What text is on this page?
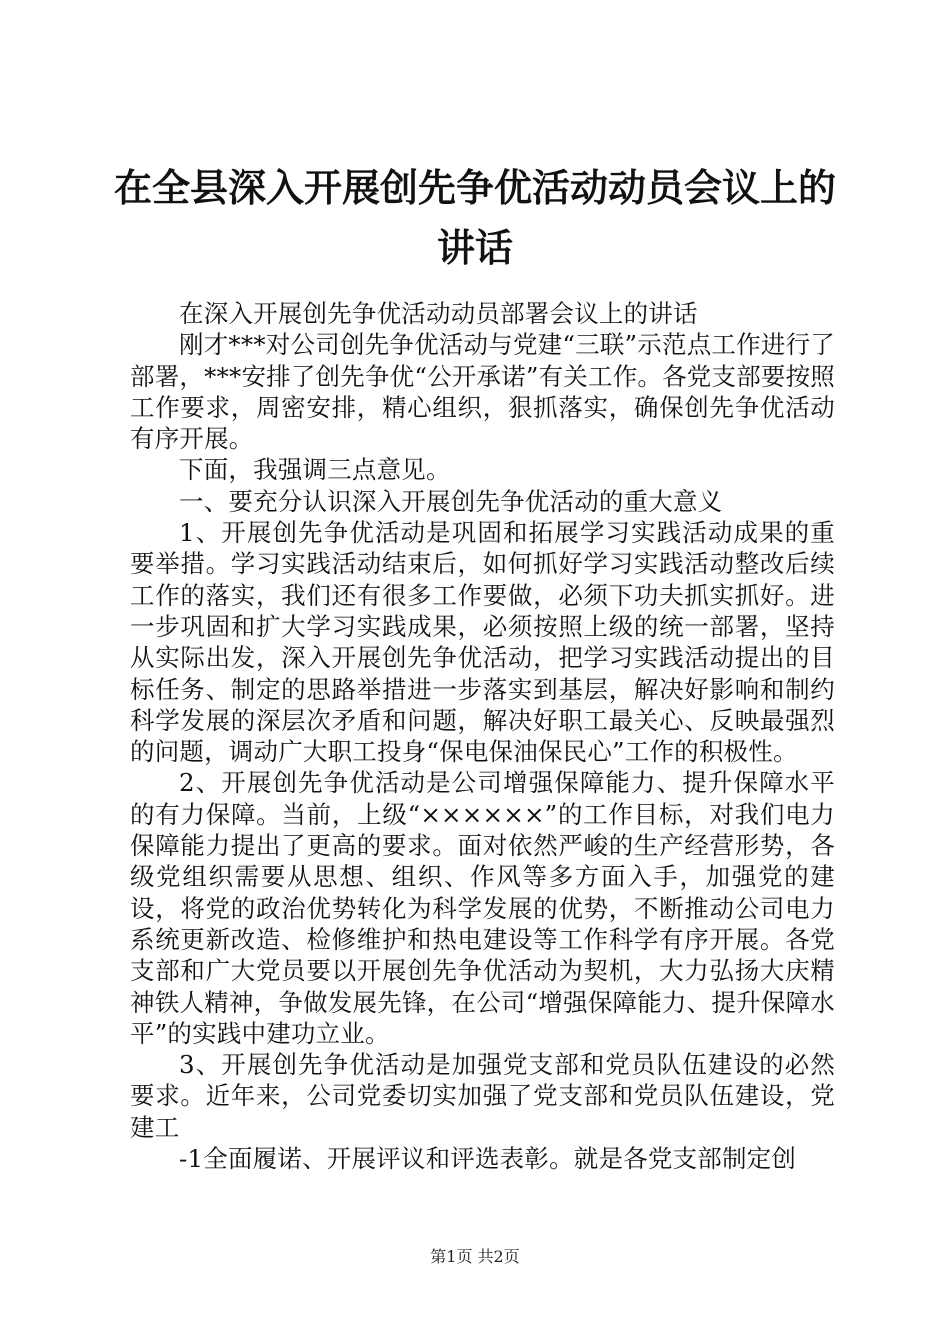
在全县深入开展创先争优活动动员会议上的讲话

在深入开展创先争优活动动员部署会议上的讲话

刚才***对公司创先争优活动与党建“三联”示范点工作进行了部署，***安排了创先争优“公开承诺”有关工作。各党支部要按照工作要求，周密安排，精心组织，狠抓落实，确保创先争优活动有序开展。

下面，我强调三点意见。

一、要充分认识深入开展创先争优活动的重大意义

1、开展创先争优活动是巩固和拓展学习实践活动成果的重要举措。学习实践活动结束后，如何抓好学习实践活动整改后续工作的落实，我们还有很多工作要做，必须下功夫抓实抓好。进一步巩固和扩大学习实践成果，必须按照上级的统一部署，坚持从实际出发，深入开展创先争优活动，把学习实践活动提出的目标任务、制定的思路举措进一步落实到基层，解决好影响和制约科学发展的深层次矛盾和问题，解决好职工最关心、反映最强烈的问题，调动广大职工投身“保电保油保民心”工作的积极性。

2、开展创先争优活动是公司增强保障能力、提升保障水平的有力保障。当前，上级“××××××”的工作目标，对我们电力保障能力提出了更高的要求。面对依然严峻的生产经营形势，各级党组织需要从思想、组织、作风等多方面入手，加强党的建设，将党的政治优势转化为科学发展的优势，不断推动公司电力系统更新改造、检修维护和热电建设等工作科学有序开展。各党支部和广大党员要以开展创先争优活动为契机，大力弘扬大庆精神铁人精神，争做发展先锋，在公司“增强保障能力、提升保障水平”的实践中建功立业。

3、开展创先争优活动是加强党支部和党员队伍建设的必然要求。近年来，公司党委切实加强了党支部和党员队伍建设，党建工

-1全面履诺、开展评议和评选表彰。就是各党支部制定创

第1页 共2页
